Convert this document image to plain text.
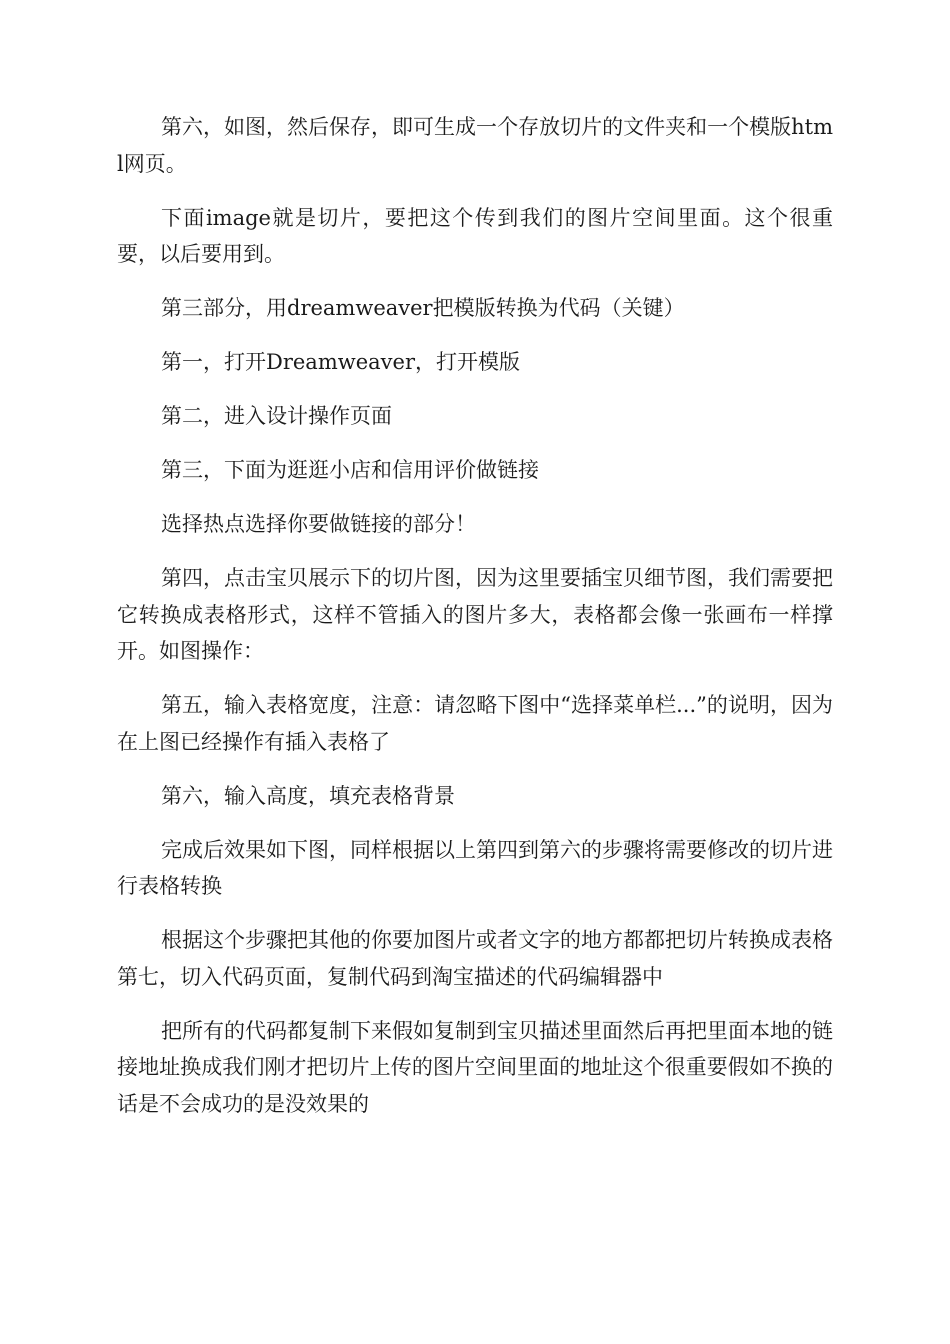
第六，如图，然后保存，即可生成一个存放切片的文件夹和一个模版html网页。

下面image就是切片，要把这个传到我们的图片空间里面。这个很重要，以后要用到。

第三部分，用dreamweaver把模版转换为代码（关键）

第一，打开Dreamweaver，打开模版

第二，进入设计操作页面

第三，下面为逛逛小店和信用评价做链接

选择热点选择你要做链接的部分！

第四，点击宝贝展示下的切片图，因为这里要插宝贝细节图，我们需要把它转换成表格形式，这样不管插入的图片多大，表格都会像一张画布一样撑开。如图操作：

第五，输入表格宽度，注意：请忽略下图中“选择菜单栏...”的说明，因为在上图已经操作有插入表格了

第六，输入高度，填充表格背景

完成后效果如下图，同样根据以上第四到第六的步骤将需要修改的切片进行表格转换

根据这个步骤把其他的你要加图片或者文字的地方都都把切片转换成表格第七，切入代码页面，复制代码到淘宝描述的代码编辑器中

把所有的代码都复制下来假如复制到宝贝描述里面然后再把里面本地的链接地址换成我们刚才把切片上传的图片空间里面的地址这个很重要假如不换的话是不会成功的是没效果的
